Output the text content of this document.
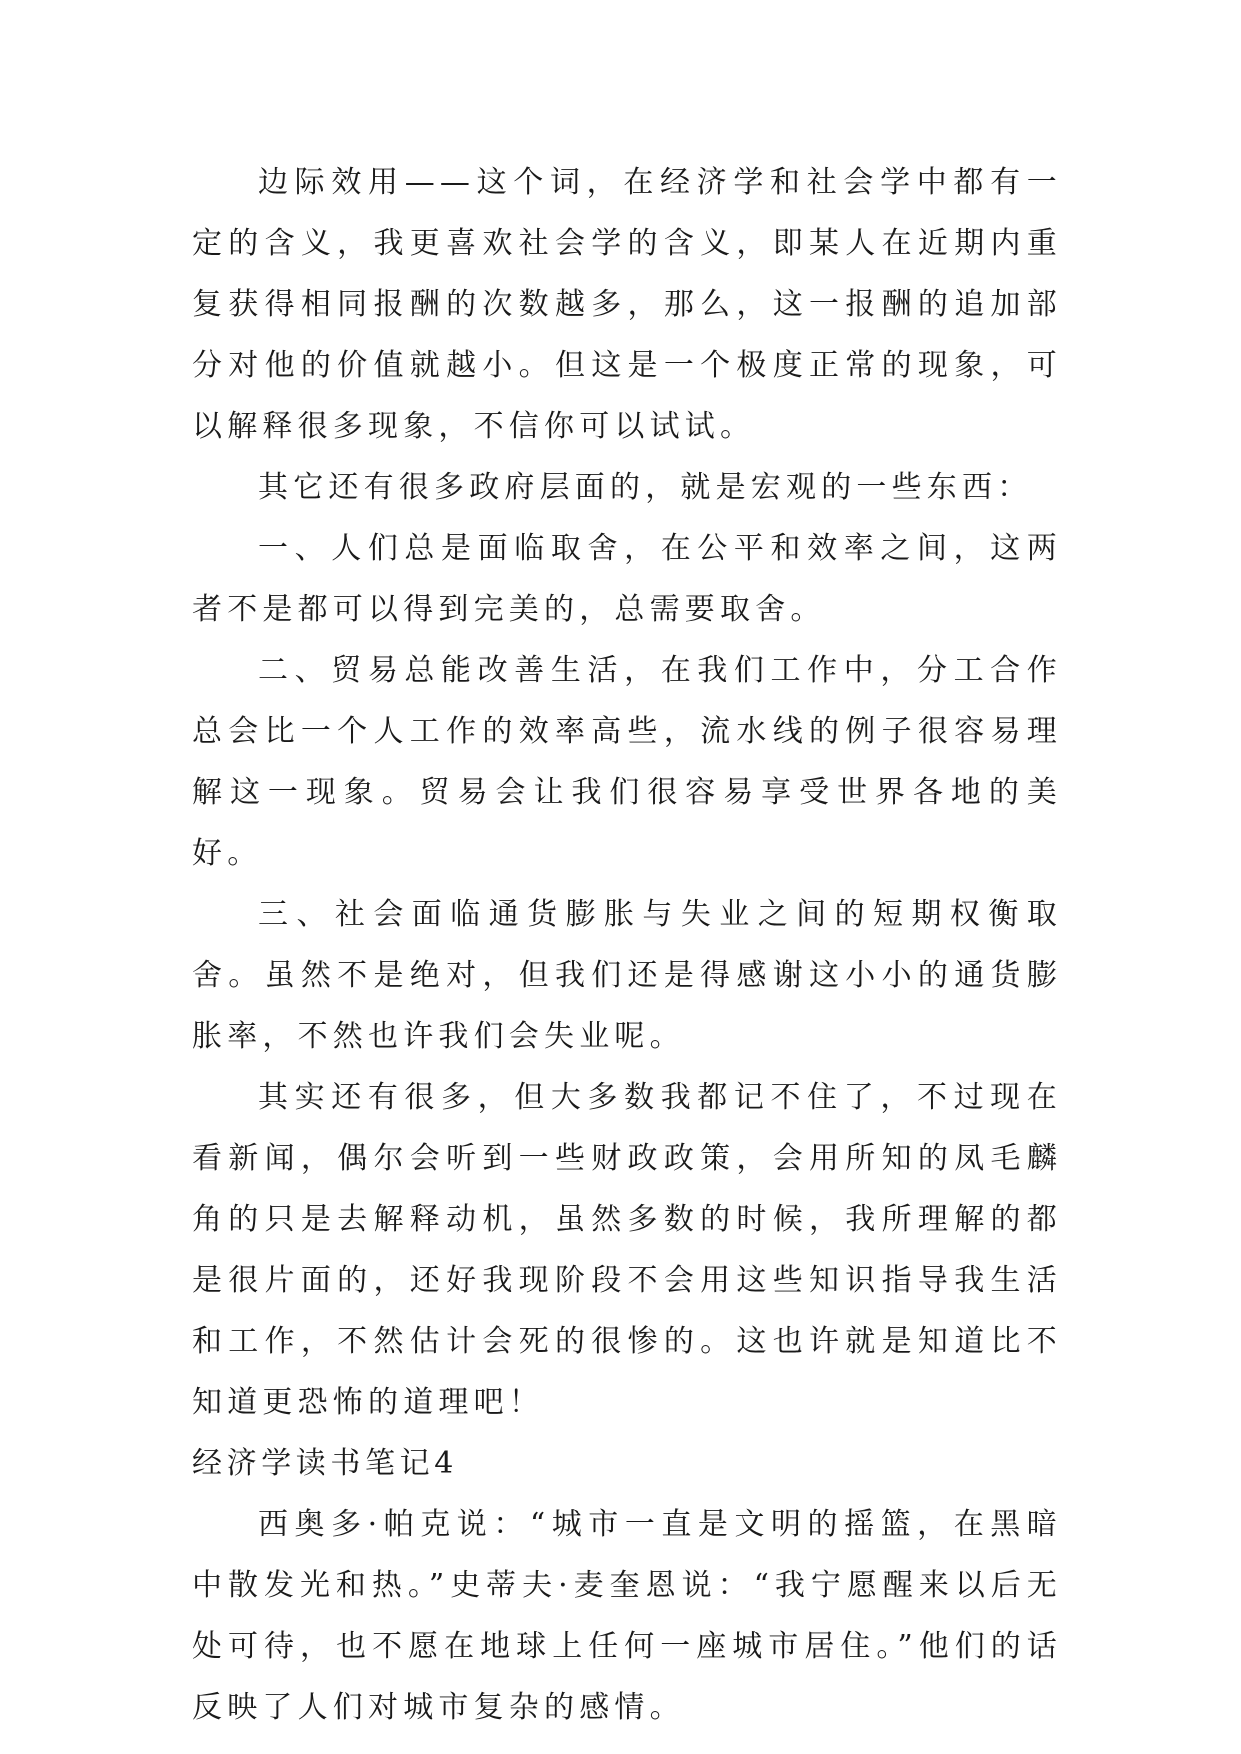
边际效用——这个词，在经济学和社会学中都有一定的含义，我更喜欢社会学的含义，即某人在近期内重复获得相同报酬的次数越多，那么，这一报酬的追加部分对他的价值就越小。但这是一个极度正常的现象，可以解释很多现象，不信你可以试试。

其它还有很多政府层面的，就是宏观的一些东西：

一、人们总是面临取舍，在公平和效率之间，这两者不是都可以得到完美的，总需要取舍。

二、贸易总能改善生活，在我们工作中，分工合作总会比一个人工作的效率高些，流水线的例子很容易理解这一现象。贸易会让我们很容易享受世界各地的美好。

三、社会面临通货膨胀与失业之间的短期权衡取舍。虽然不是绝对，但我们还是得感谢这小小的通货膨胀率，不然也许我们会失业呢。

其实还有很多，但大多数我都记不住了，不过现在看新闻，偶尔会听到一些财政政策，会用所知的凤毛麟角的只是去解释动机，虽然多数的时候，我所理解的都是很片面的，还好我现阶段不会用这些知识指导我生活和工作，不然估计会死的很惨的。这也许就是知道比不知道更恐怖的道理吧！

经济学读书笔记4

西奥多·帕克说：“城市一直是文明的摇篮，在黑暗中散发光和热。”史蒂夫·麦奎恩说：“我宁愿醒来以后无处可待，也不愿在地球上任何一座城市居住。”他们的话反映了人们对城市复杂的感情。
